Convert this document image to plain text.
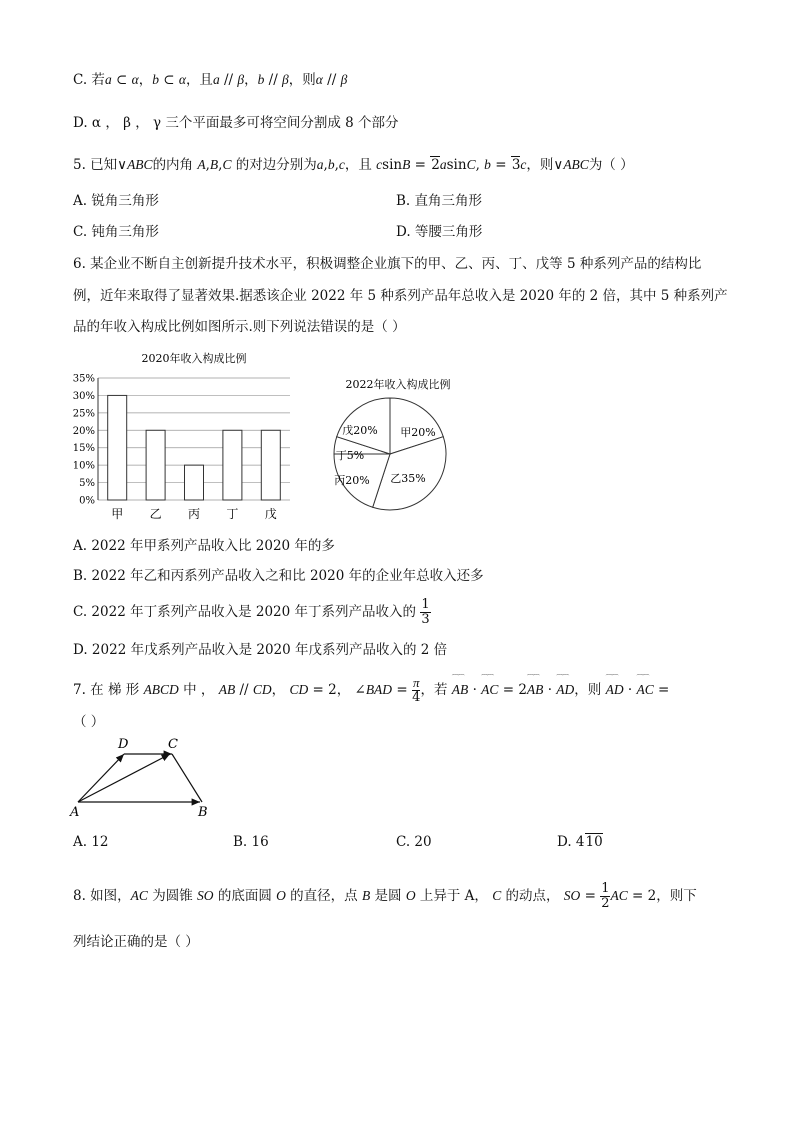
C. 若a ⊂ α，b ⊂ α，且a // β，b // β，则α // β
D. α ， β ， γ 三个平面最多可将空间分割成 8 个部分
5. 已知∨ABC的内角 A,B,C 的对边分别为a,b,c，且 csinB = 2asinC, b = 3c，则∨ABC为（ ）
A. 锐角三角形	B. 直角三角形
C. 钝角三角形	D. 等腰三角形
6. 某企业不断自主创新提升技术水平，积极调整企业旗下的甲、乙、丙、丁、戊等 5 种系列产品的结构比
例，近年来取得了显著效果.据悉该企业 2022 年 5 种系列产品年总收入是 2020 年的 2 倍，其中 5 种系列产
品的年收入构成比例如图所示.则下列说法错误的是（ ）
2020年收入构成比例
0%
5%
10%
15%
20%
25%
30%
35%
甲 乙 丙 丁 戊
2022年收入构成比例
甲20%
乙35%
丙20%
丁5%
戊20%
A. 2022 年甲系列产品收入比 2020 年的多
B. 2022 年乙和丙系列产品收入之和比 2020 年的企业年总收入还多
C. 2022 年丁系列产品收入是 2020 年丁系列产品收入的 $\frac{1}{3}$
D. 2022 年戊系列产品收入是 2020 年戊系列产品收入的 2 倍
7. 在 梯 形 ABCD 中 ， AB // CD， CD = 2， ∠BAD = $\frac{\pi}{4}$ ，若 ⌒⌒ AB · ⌒⌒ AC = 2⌒⌒ AB · ⌒⌒ AD，则 ⌒⌒ AD · ⌒⌒ AC =
（ ）
D	C
A	B
A. 12	B. 16	C. 20	D. 410
8. 如图，AC 为圆锥 SO 的底面圆 O 的直径，点 B 是圆 O 上异于 A， C 的动点， SO = $\frac{1}{2}$ AC = 2，则下
列结论正确的是（ ）
